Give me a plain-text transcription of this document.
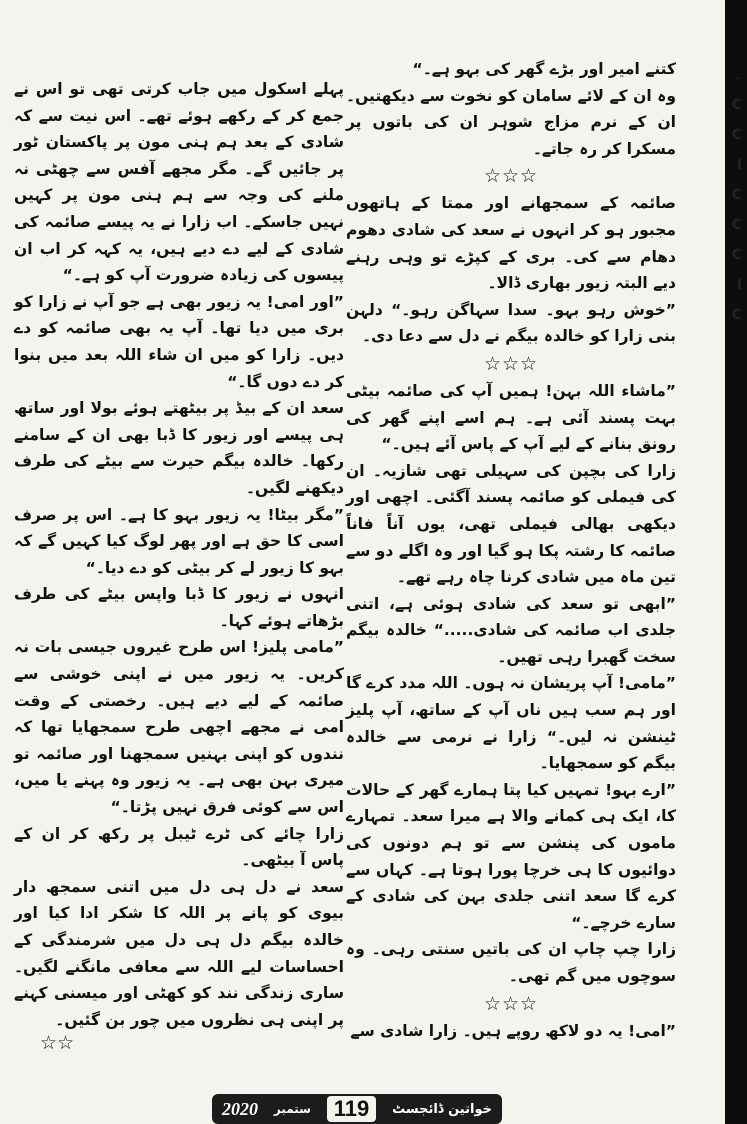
۔
C
C
I
C
C
C
I
C

کتنے امیر اور بڑے گھر کی بہو ہے۔“

وہ ان کے لائے سامان کو نخوت سے دیکھتیں۔ ان کے نرم مزاج شوہر ان کی باتوں پر مسکرا کر رہ جاتے۔

☆☆☆

صائمہ کے سمجھانے اور ممتا کے ہاتھوں مجبور ہو کر انہوں نے سعد کی شادی دھوم دھام سے کی۔ بری کے کپڑے تو وہی رہنے دیے البتہ زیور بھاری ڈالا۔

”خوش رہو بہو۔ سدا سہاگن رہو۔“ دلہن بنی زارا کو خالدہ بیگم نے دل سے دعا دی۔

☆☆☆

”ماشاء اللہ بہن! ہمیں آپ کی صائمہ بیٹی بہت پسند آئی ہے۔ ہم اسے اپنے گھر کی رونق بنانے کے لیے آپ کے پاس آئے ہیں۔“

زارا کی بچپن کی سہیلی تھی شازیہ۔ ان کی فیملی کو صائمہ پسند آگئی۔ اچھی اور دیکھی بھالی فیملی تھی، یوں آناً فاناً صائمہ کا رشتہ پکا ہو گیا اور وہ اگلے دو سے تین ماہ میں شادی کرنا چاہ رہے تھے۔

”ابھی تو سعد کی شادی ہوئی ہے، اتنی جلدی اب صائمہ کی شادی.....“ خالدہ بیگم سخت گھبرا رہی تھیں۔

”مامی! آپ پریشان نہ ہوں۔ اللہ مدد کرے گا اور ہم سب ہیں ناں آپ کے ساتھ، آپ پلیز ٹینشن نہ لیں۔“ زارا نے نرمی سے خالدہ بیگم کو سمجھایا۔

”ارے بہو! تمہیں کیا پتا ہمارے گھر کے حالات کا، ایک ہی کمانے والا ہے میرا سعد۔ تمہارے ماموں کی پنشن سے تو ہم دونوں کی دوائیوں کا ہی خرچا پورا ہوتا ہے۔ کہاں سے کرے گا سعد اتنی جلدی بہن کی شادی کے سارے خرچے۔“

زارا چپ چاپ ان کی باتیں سنتی رہی۔ وہ سوچوں میں گم تھی۔

☆☆☆

”امی! یہ دو لاکھ روپے ہیں۔ زارا شادی سے

پہلے اسکول میں جاب کرتی تھی تو اس نے جمع کر کے رکھے ہوئے تھے۔ اس نیت سے کہ شادی کے بعد ہم ہنی مون پر پاکستان ٹور پر جائیں گے۔ مگر مجھے آفس سے چھٹی نہ ملنے کی وجہ سے ہم ہنی مون پر کہیں نہیں جاسکے۔ اب زارا نے یہ پیسے صائمہ کی شادی کے لیے دے دیے ہیں، یہ کہہ کر اب ان پیسوں کی زیادہ ضرورت آپ کو ہے۔“

”اور امی! یہ زیور بھی ہے جو آپ نے زارا کو بری میں دیا تھا۔ آپ یہ بھی صائمہ کو دے دیں۔ زارا کو میں ان شاء اللہ بعد میں بنوا کر دے دوں گا۔“

سعد ان کے بیڈ پر بیٹھتے ہوئے بولا اور ساتھ ہی پیسے اور زیور کا ڈبا بھی ان کے سامنے رکھا۔ خالدہ بیگم حیرت سے بیٹے کی طرف دیکھنے لگیں۔

”مگر بیٹا! یہ زیور بہو کا ہے۔ اس پر صرف اسی کا حق ہے اور پھر لوگ کیا کہیں گے کہ بہو کا زیور لے کر بیٹی کو دے دیا۔“

انہوں نے زیور کا ڈبا واپس بیٹے کی طرف بڑھاتے ہوئے کہا۔

”مامی پلیز! اس طرح غیروں جیسی بات نہ کریں۔ یہ زیور میں نے اپنی خوشی سے صائمہ کے لیے دیے ہیں۔ رخصتی کے وقت امی نے مجھے اچھی طرح سمجھایا تھا کہ نندوں کو اپنی بہنیں سمجھنا اور صائمہ تو میری بہن بھی ہے۔ یہ زیور وہ پہنے یا میں، اس سے کوئی فرق نہیں پڑتا۔“

زارا چائے کی ٹرے ٹیبل پر رکھ کر ان کے پاس آ بیٹھی۔

سعد نے دل ہی دل میں اتنی سمجھ دار بیوی کو پانے پر اللہ کا شکر ادا کیا اور خالدہ بیگم دل ہی دل میں شرمندگی کے احساسات لیے اللہ سے معافی مانگنے لگیں۔ ساری زندگی نند کو کھٹی اور میسنی کہنے پر اپنی ہی نظروں میں چور بن گئیں۔

☆☆
2020 ستمبر	119	خواتین ڈائجسٹ
